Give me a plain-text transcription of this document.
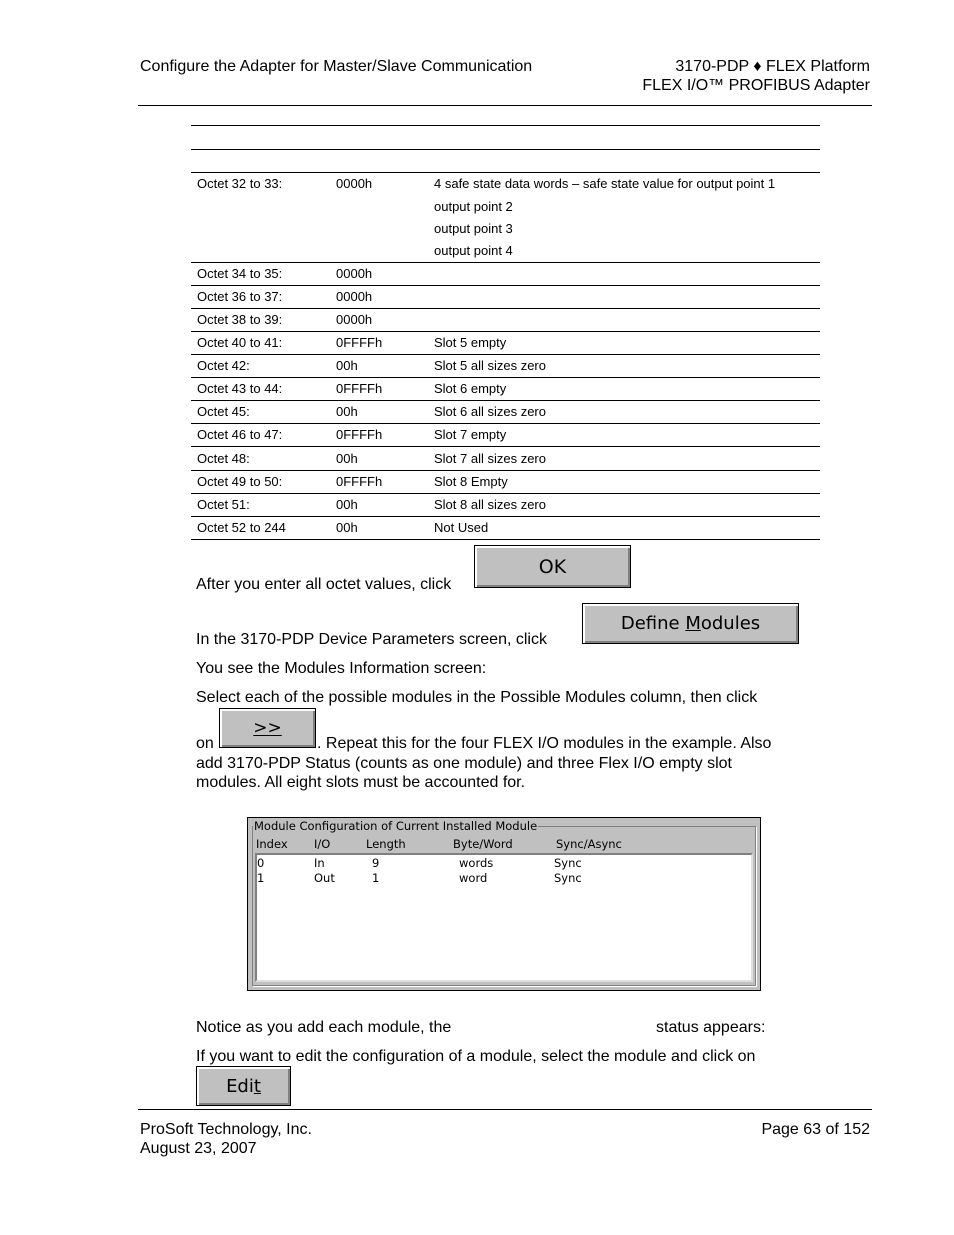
Configure the Adapter for Master/Slave Communication	3170-PDP ♦ FLEX Platform
FLEX I/O™ PROFIBUS Adapter
Octet 32 to 33:	0000h	4 safe state data words – safe state value for output point 1
output point 2
output point 3
output point 4
Octet 34 to 35:	0000h
Octet 36 to 37:	0000h
Octet 38 to 39:	0000h
Octet 40 to 41:	0FFFFh	Slot 5 empty
Octet 42:	00h	Slot 5 all sizes zero
Octet 43 to 44:	0FFFFh	Slot 6 empty
Octet 45:	00h	Slot 6 all sizes zero
Octet 46 to 47:	0FFFFh	Slot 7 empty
Octet 48:	00h	Slot 7 all sizes zero
Octet 49 to 50:	0FFFFh	Slot 8 Empty
Octet 51:	00h	Slot 8 all sizes zero
Octet 52 to 244	00h	Not Used
After you enter all octet values, click
OK
In the 3170-PDP Device Parameters screen, click
Define Modules
You see the Modules Information screen:
Select each of the possible modules in the Possible Modules column, then click
on
>>
. Repeat this for the four FLEX I/O modules in the example. Also
add 3170-PDP Status (counts as one module) and three Flex I/O empty slot
modules. All eight slots must be accounted for.
Module Configuration of Current Installed Module
Index I/O	Length	Byte/Word	Sync/Async
0	In	9	words	Sync
1	Out	1	word	Sync
Notice as you add each module, the	status appears:
If you want to edit the configuration of a module, select the module and click on
Edit
ProSoft Technology, Inc.
August 23, 2007
Page 63 of 152
